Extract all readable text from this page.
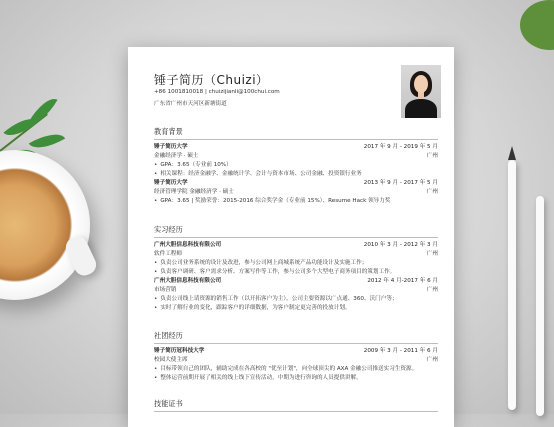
锤子简历（Chuizi）
+86 1001810018 | chuizijianli@100chui.com
广东省广州市天河区新塘街道
教育背景
锤子简历大学	2017 年 9 月 - 2019 年 5 月
金融经济学 · 硕士	广州
• GPA：3.65（专业前 10%）
• 相关课程：经济金融学、金融统计学、会计与资本市场、公司金融、投资银行业务
锤子简历大学	2013 年 9 月 - 2017 年 5 月
经济管理学院 金融经济学 · 硕士	广州
• GPA：3.65 | 奖励荣誉：2015-2016 综合奖学金（专业前 15%）、Resume Hack 领导力奖
实习经历
广州大胆信息科技有限公司	2010 年 3 月 - 2012 年 3 月
软件工程师	广州
• 负责公司业务系统的设计及改进，参与公司网上商城系统产品功能设计及实施工作；
• 负责客户调研、客户需求分析、方案写作等工作，参与公司多个大型电子商务项目的策划工作。
广州大胆信息科技有限公司	2012 年 4 月-2017 年 6 月
市场营销	广州
• 负责公司线上请资源的销售工作（以开拓客户为主），公司主要资源以广点通、360、沃门户等；
• 实时了解行业的变化，跟踪客户的详细数据，为客户制定更完善的投放计划。
社团经历
锤子简历冠科技大学	2009 年 3 月 - 2011 年 6 月
校园大使主席	广州
• 目标带领自己的团队，辅助完成在各高校的 "优至计划"，向全球顶尖的 AXA 金融公司推送实习生资源。
• 整体运营前期开展了相关的线上线下宣传活动，中期为进行咨询的人员提供讲解。
技能证书
